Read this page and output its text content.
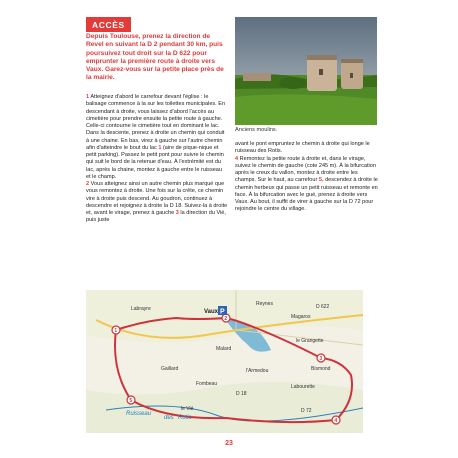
ACCÈS
Depuis Toulouse, prenez la direction de Revel en suivant la D 2 pendant 30 km, puis poursuivez tout droit sur la D 622 pour emprunter la première route à droite vers Vaux. Garez-vous sur la petite place près de la mairie.
Anciens moulins.

1 Atteignez d'abord le carrefour devant l'église : le balisage commence à la sur les toilettes municipales. En descendant à droite, vous laissez d'abord l'accès au cimetière pour prendre ensuite la petite route à gauche. Celle-ci contourne le cimetière tout en dominant le lac.

Dans la descente, prenez à droite un chemin qui conduit à une chaine. En bas, virez à gauche sur l'autre chemin afin d'atteindre le bout du lac 1 (aire de pique-nique et petit parking). Passez le petit pont pour suivre le chemin qui suit le bord de la retenue d'eau. À l'extrémité est du lac, après la chaine, montez à gauche entre le ruisseau et le champ.

2 Vous atteignez ainsi un autre chemin plus marqué que vous remontez à droite. Une fois sur la crête, ce chemin vire à droite puis descend. Au goudron, continuez à descendre et rejoignez à droite la D 18. Suivez-la à droite et, avant le virage, prenez à gauche 3 la direction du Vié, puis juste

avant le pont empruntez le chemin à droite qui longe le ruisseau des Rotis.

4 Remontez la petite route à droite et, dans le virage, suivez le chemin de gauche (cote 245 m). À la bifurcation après le creux du vallon, montez à droite entre les champs. Sur le haut, au carrefour 5, descendez à droite le chemin herbeux qui passe un petit ruisseau et remonte en face. À la bifurcation avec le gué, prenez à droite vers Vaux. Au bout, il suffit de virer à gauche sur la D 72 pour rejoindre le centre du village.

1
2
3
4
5
P
Vaux
Labrayre
Reynes
Magaros
Gaillard
Malard
Fombeau
le Vié
le Grangette
Bismond
Labourette
l'Armedou
Ruisseau
des Rotis
D 622
D 18
D 72
23
